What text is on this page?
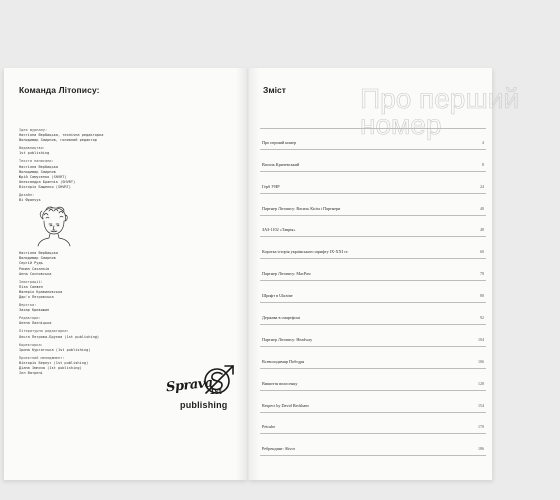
Команда Літопису:
Ідея журналу:
Настіяна Вербицька, технічна редакторка
Володимир Смирнов, головний редактор
Видавництво:
1st publishing
Тексти написали:
Настіяна Вербицька
Володимир Смирнов
Юрій Самусенко (SHVRT)
Олександра Браннік (SHVRT)
Вікторія Бащенко (SHVRT)
Дизайн:
Ві Франчук
Настіяна Вербицька
Володимир Смирнов
Сергій Рудь
Роман Сахалків
Анна Сосновська
Ілюстрації:
Ліза Санжен
Валерія Кравиновська
Дар'я Петровська
Верстка:
Захар Кривошин
Редактори:
Олена Лахніцька
Літературна редакторка:
Ольга Петрова-Бруєва (1st publishing)
Коректорка:
Ірина Кургатська (1st publishing)
Проектний менеджмент:
Вікторія Бернут (1st publishing)
Діана Імнича (1st publishing)
Ілл Ватрені
Sprava
1st
publishing
Зміст	Про перший
номер
Про перший номер	4
Василь Кричевський	8
Герб УНР	24
Партнер Літопису: Василь Кісім і Партнери	40
ЗАЗ-1102 «Таврія»	48
Коротка історія українського шрифту ІХ-ХХІ ст.	60
Партнер Літопису: MacPaw	78
Шрифт в Ukraine	80
Держава в смартфоні	92
Партнер Літопису: Headway	104
Всеволодимир Побєдря	106
Вишиття волосенку	128
Respect by David Beckham	154
Petcube	170
Ребрендинг: Skvor	186
